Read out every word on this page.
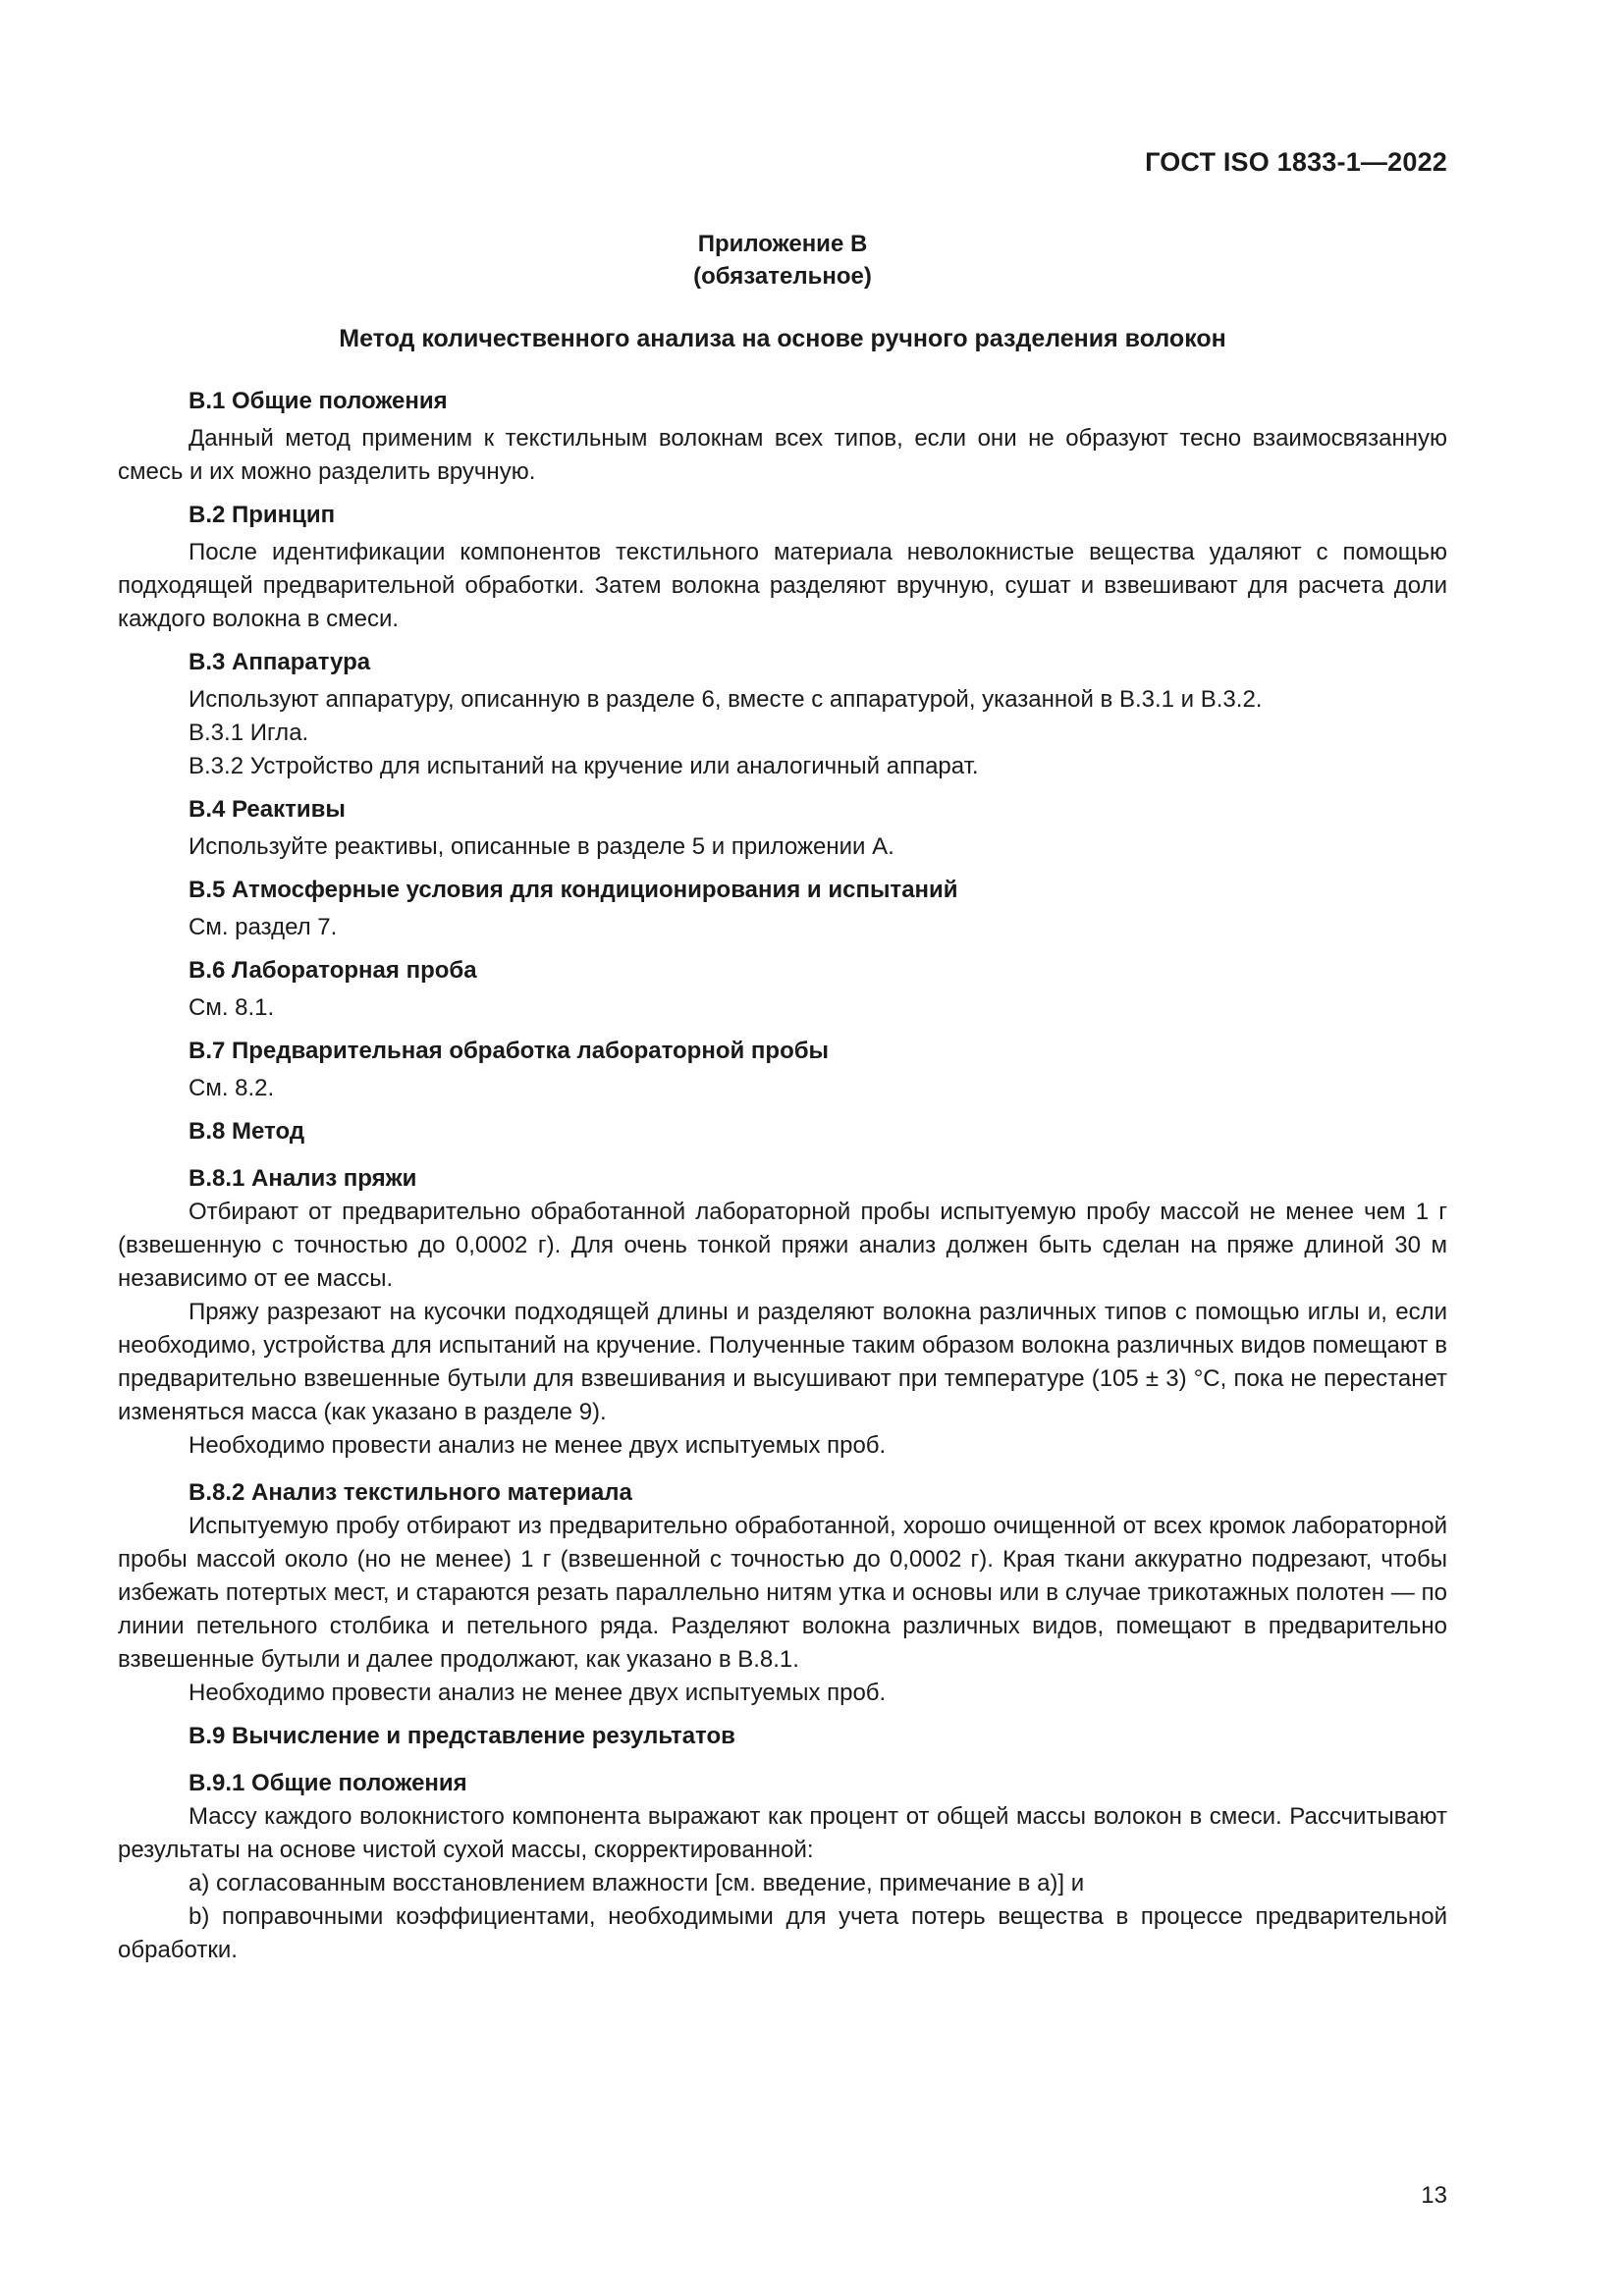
ГОСТ ISO 1833-1—2022
Приложение В
(обязательное)
Метод количественного анализа на основе ручного разделения волокон
В.1 Общие положения

Данный метод применим к текстильным волокнам всех типов, если они не образуют тесно взаимосвязанную смесь и их можно разделить вручную.

В.2 Принцип

После идентификации компонентов текстильного материала неволокнистые вещества удаляют с помощью подходящей предварительной обработки. Затем волокна разделяют вручную, сушат и взвешивают для расчета доли каждого волокна в смеси.

В.3 Аппаратура

Используют аппаратуру, описанную в разделе 6, вместе с аппаратурой, указанной в В.3.1 и В.3.2.

В.3.1 Игла.

В.3.2 Устройство для испытаний на кручение или аналогичный аппарат.

В.4 Реактивы

Используйте реактивы, описанные в разделе 5 и приложении А.

В.5 Атмосферные условия для кондиционирования и испытаний

См. раздел 7.

В.6 Лабораторная проба

См. 8.1.

В.7 Предварительная обработка лабораторной пробы

См. 8.2.

В.8 Метод
В.8.1 Анализ пряжи

Отбирают от предварительно обработанной лабораторной пробы испытуемую пробу массой не менее чем 1 г (взвешенную с точностью до 0,0002 г). Для очень тонкой пряжи анализ должен быть сделан на пряже длиной 30 м независимо от ее массы.

Пряжу разрезают на кусочки подходящей длины и разделяют волокна различных типов с помощью иглы и, если необходимо, устройства для испытаний на кручение. Полученные таким образом волокна различных видов помещают в предварительно взвешенные бутыли для взвешивания и высушивают при температуре (105 ± 3) °С, пока не перестанет изменяться масса (как указано в разделе 9).

Необходимо провести анализ не менее двух испытуемых проб.

В.8.2 Анализ текстильного материала

Испытуемую пробу отбирают из предварительно обработанной, хорошо очищенной от всех кромок лабораторной пробы массой около (но не менее) 1 г (взвешенной с точностью до 0,0002 г). Края ткани аккуратно подрезают, чтобы избежать потертых мест, и стараются резать параллельно нитям утка и основы или в случае трикотажных полотен — по линии петельного столбика и петельного ряда. Разделяют волокна различных видов, помещают в предварительно взвешенные бутыли и далее продолжают, как указано в В.8.1.

Необходимо провести анализ не менее двух испытуемых проб.

В.9 Вычисление и представление результатов
В.9.1 Общие положения

Массу каждого волокнистого компонента выражают как процент от общей массы волокон в смеси. Рассчитывают результаты на основе чистой сухой массы, скорректированной:

a) согласованным восстановлением влажности [см. введение, примечание в а)] и

b) поправочными коэффициентами, необходимыми для учета потерь вещества в процессе предварительной обработки.

13
